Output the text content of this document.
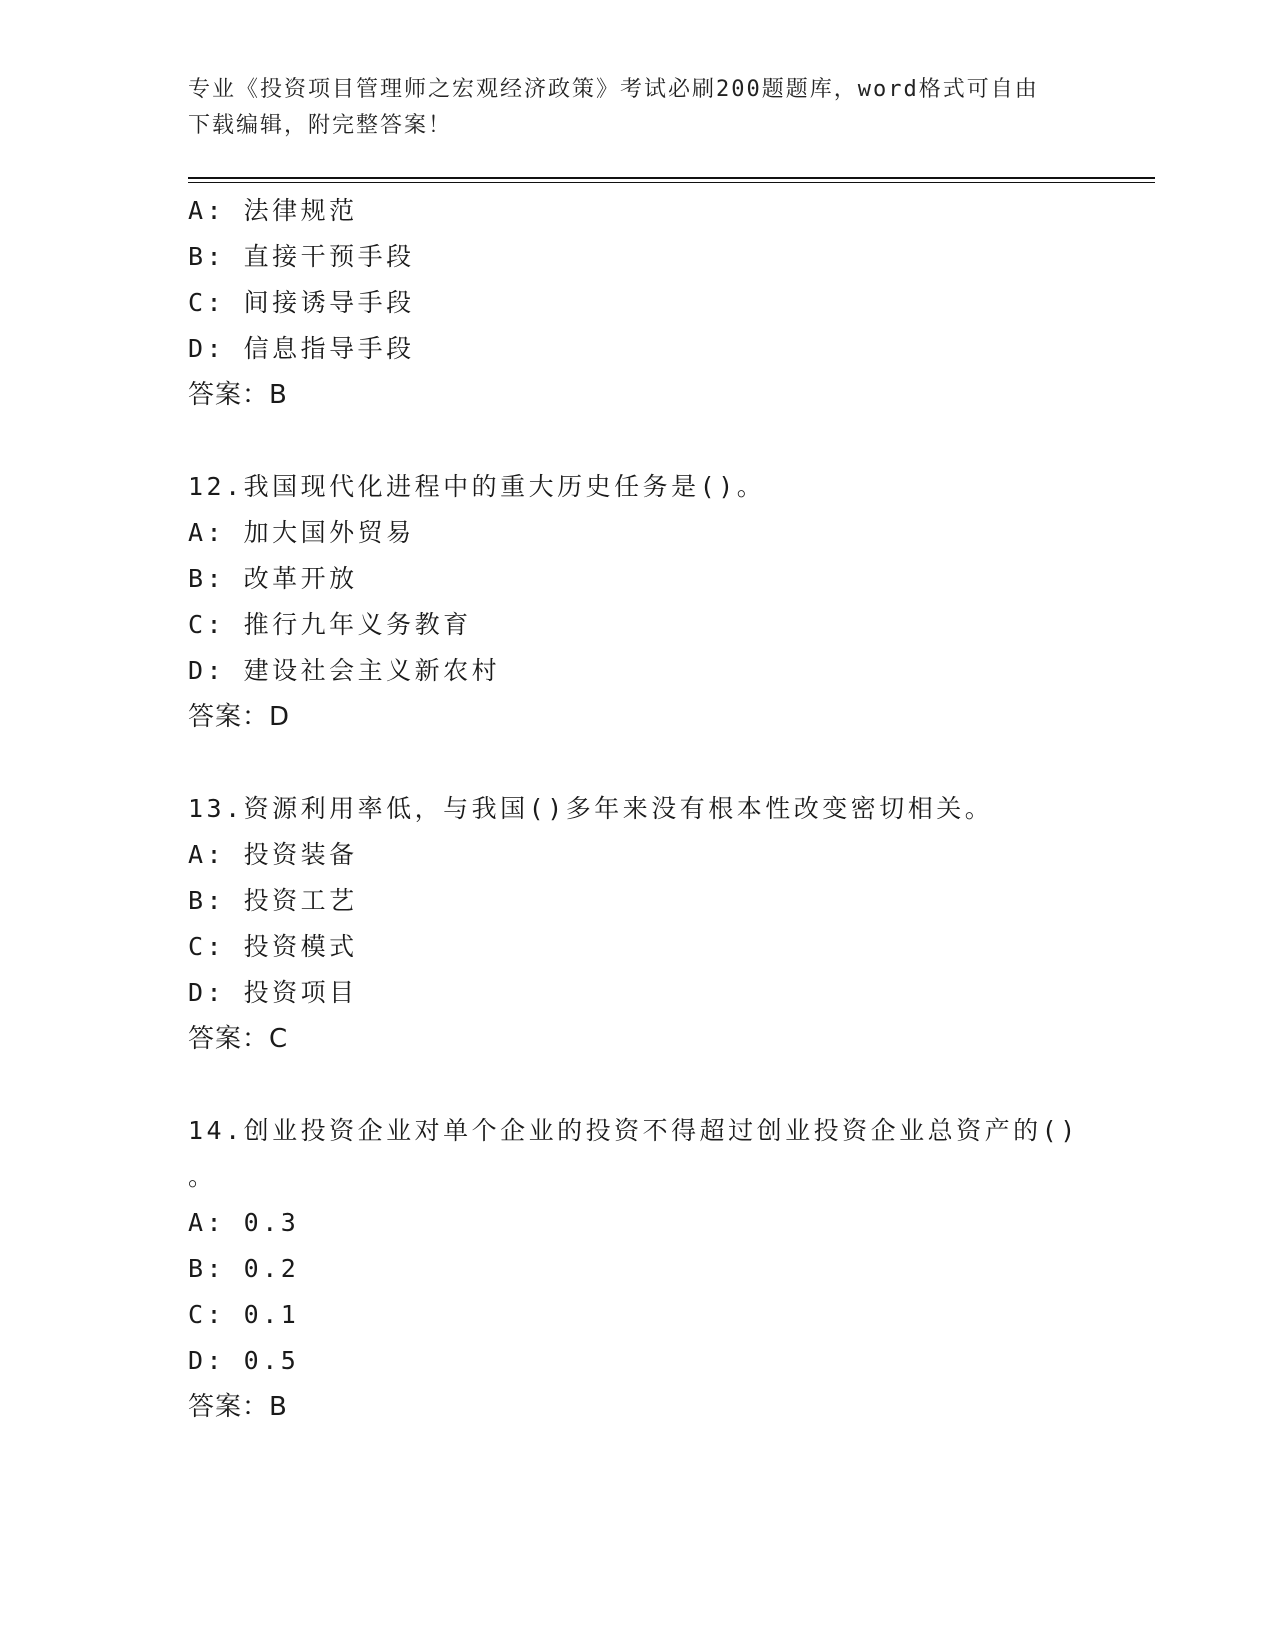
专业《投资项目管理师之宏观经济政策》考试必刷200题题库，word格式可自由
下载编辑，附完整答案！
A: 法律规范
B: 直接干预手段
C: 间接诱导手段
D: 信息指导手段
答案：B
12.我国现代化进程中的重大历史任务是()。
A: 加大国外贸易
B: 改革开放
C: 推行九年义务教育
D: 建设社会主义新农村
答案：D
13.资源利用率低，与我国()多年来没有根本性改变密切相关。
A: 投资装备
B: 投资工艺
C: 投资模式
D: 投资项目
答案：C
14.创业投资企业对单个企业的投资不得超过创业投资企业总资产的()
。
A: 0.3
B: 0.2
C: 0.1
D: 0.5
答案：B
